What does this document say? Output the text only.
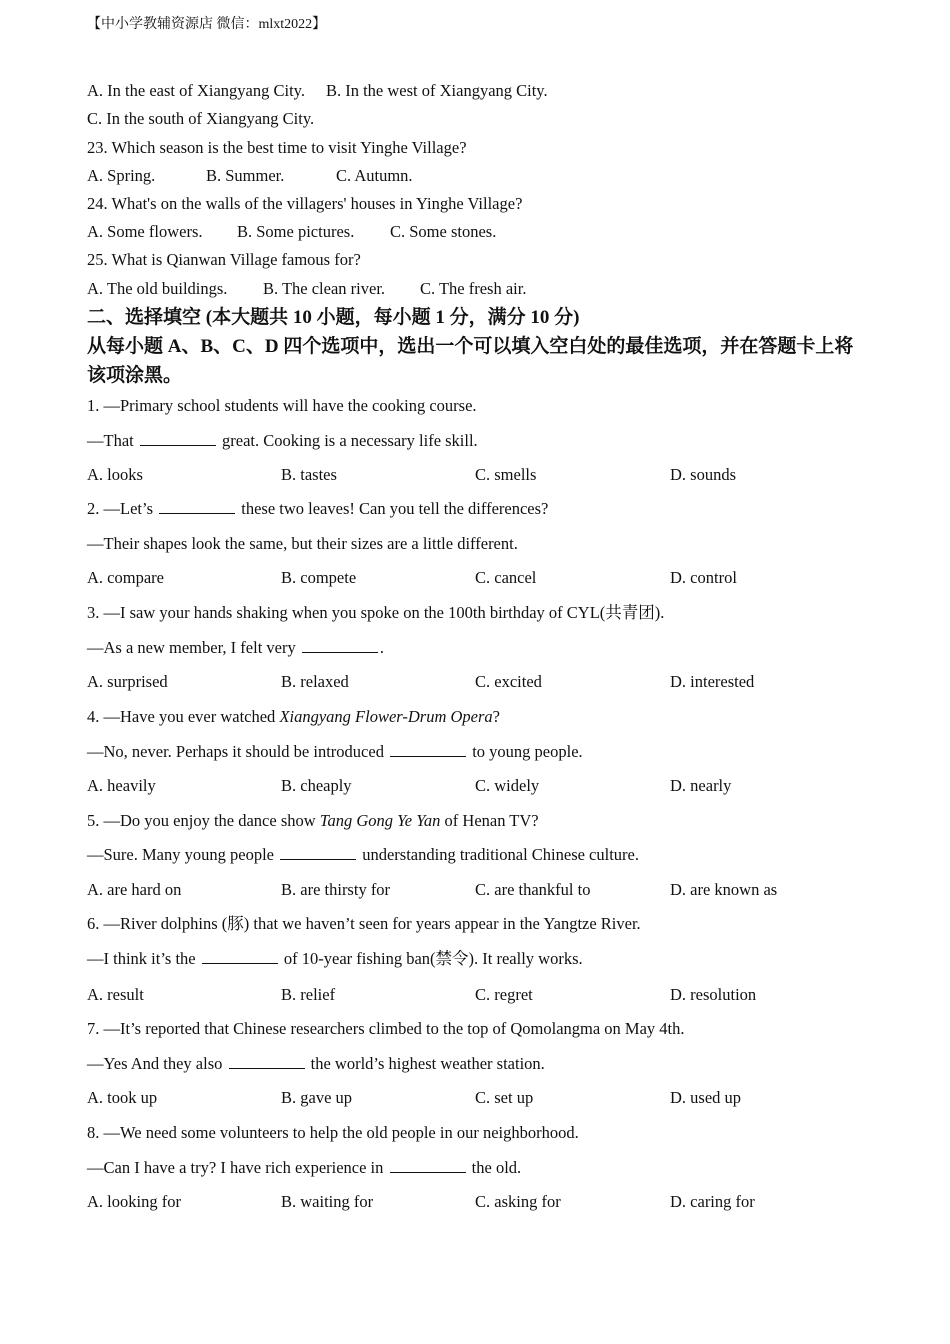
【中小学教辅资源店 微信：mlxt2022】
A. In the east of Xiangyang City. B. In the west of Xiangyang City.
C. In the south of Xiangyang City.
23. Which season is the best time to visit Yinghe Village?
A. Spring.	B. Summer.	C. Autumn.
24. What's on the walls of the villagers' houses in Yinghe Village?
A. Some flowers. B. Some pictures. C. Some stones.
25. What is Qianwan Village famous for?
A. The old buildings. B. The clean river. C. The fresh air.
二、选择填空 (本大题共 10 小题，每小题 1 分，满分 10 分)
从每小题 A、B、C、D 四个选项中，选出一个可以填入空白处的最佳选项，并在答题卡上将该项涂黑。
1. —Primary school students will have the cooking course.
—That	great. Cooking is a necessary life skill.
A. looks	B. tastes	C. smells	D. sounds
2. —Let’s	these two leaves! Can you tell the differences?
—Their shapes look the same, but their sizes are a little different.
A. compare	B. compete	C. cancel	D. control
3. —I saw your hands shaking when you spoke on the 100th birthday of CYL(共青团).
—As a new member, I felt very	.
A. surprised	B. relaxed	C. excited	D. interested
4. —Have you ever watched Xiangyang Flower-Drum Opera?
—No, never. Perhaps it should be introduced	to young people.
A. heavily	B. cheaply	C. widely	D. nearly
5. —Do you enjoy the dance show Tang Gong Ye Yan of Henan TV?
—Sure. Many young people	understanding traditional Chinese culture.
A. are hard on	B. are thirsty for	C. are thankful to	D. are known as
6. —River dolphins (豚) that we haven’t seen for years appear in the Yangtze River.
—I think it’s the	of 10-year fishing ban(禁令). It really works.
A. result	B. relief	C. regret	D. resolution
7. —It’s reported that Chinese researchers climbed to the top of Qomolangma on May 4th.
—Yes And they also	the world’s highest weather station.
A. took up	B. gave up	C. set up	D. used up
8. —We need some volunteers to help the old people in our neighborhood.
—Can I have a try? I have rich experience in	the old.
A. looking for	B. waiting for	C. asking for	D. caring for
